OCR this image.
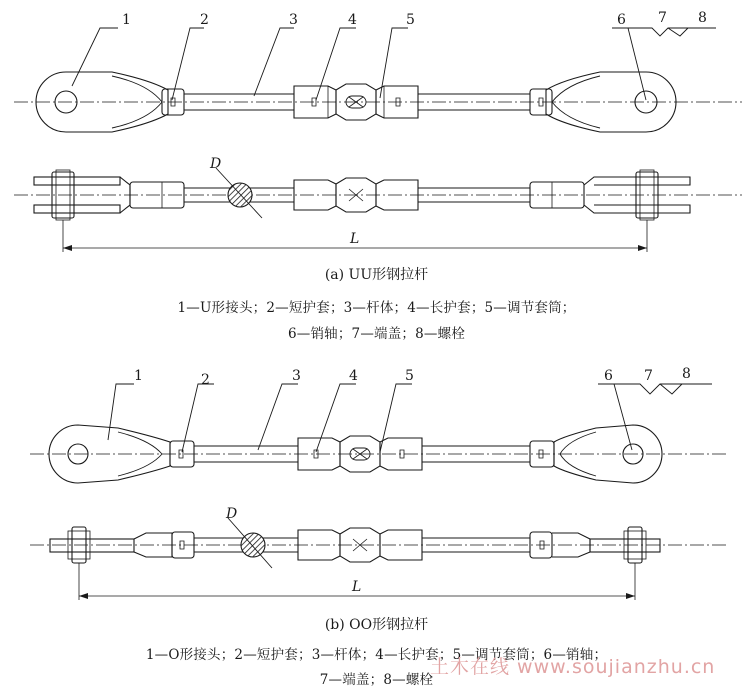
1	2	3	4	5	6 7 8
D
L
1	2	3	4	5	6 7 8
D
L
(a) UU形钢拉杆
1—U形接头；2—短护套；3—杆体；4—长护套；5—调节套筒；
6—销轴；7—端盖；8—螺栓
(b) OO形钢拉杆
1—O形接头；2—短护套；3—杆体；4—长护套；5—调节套筒；6—销轴；
7—端盖；8—螺栓
土木在线 www.soujianzhu.cn
